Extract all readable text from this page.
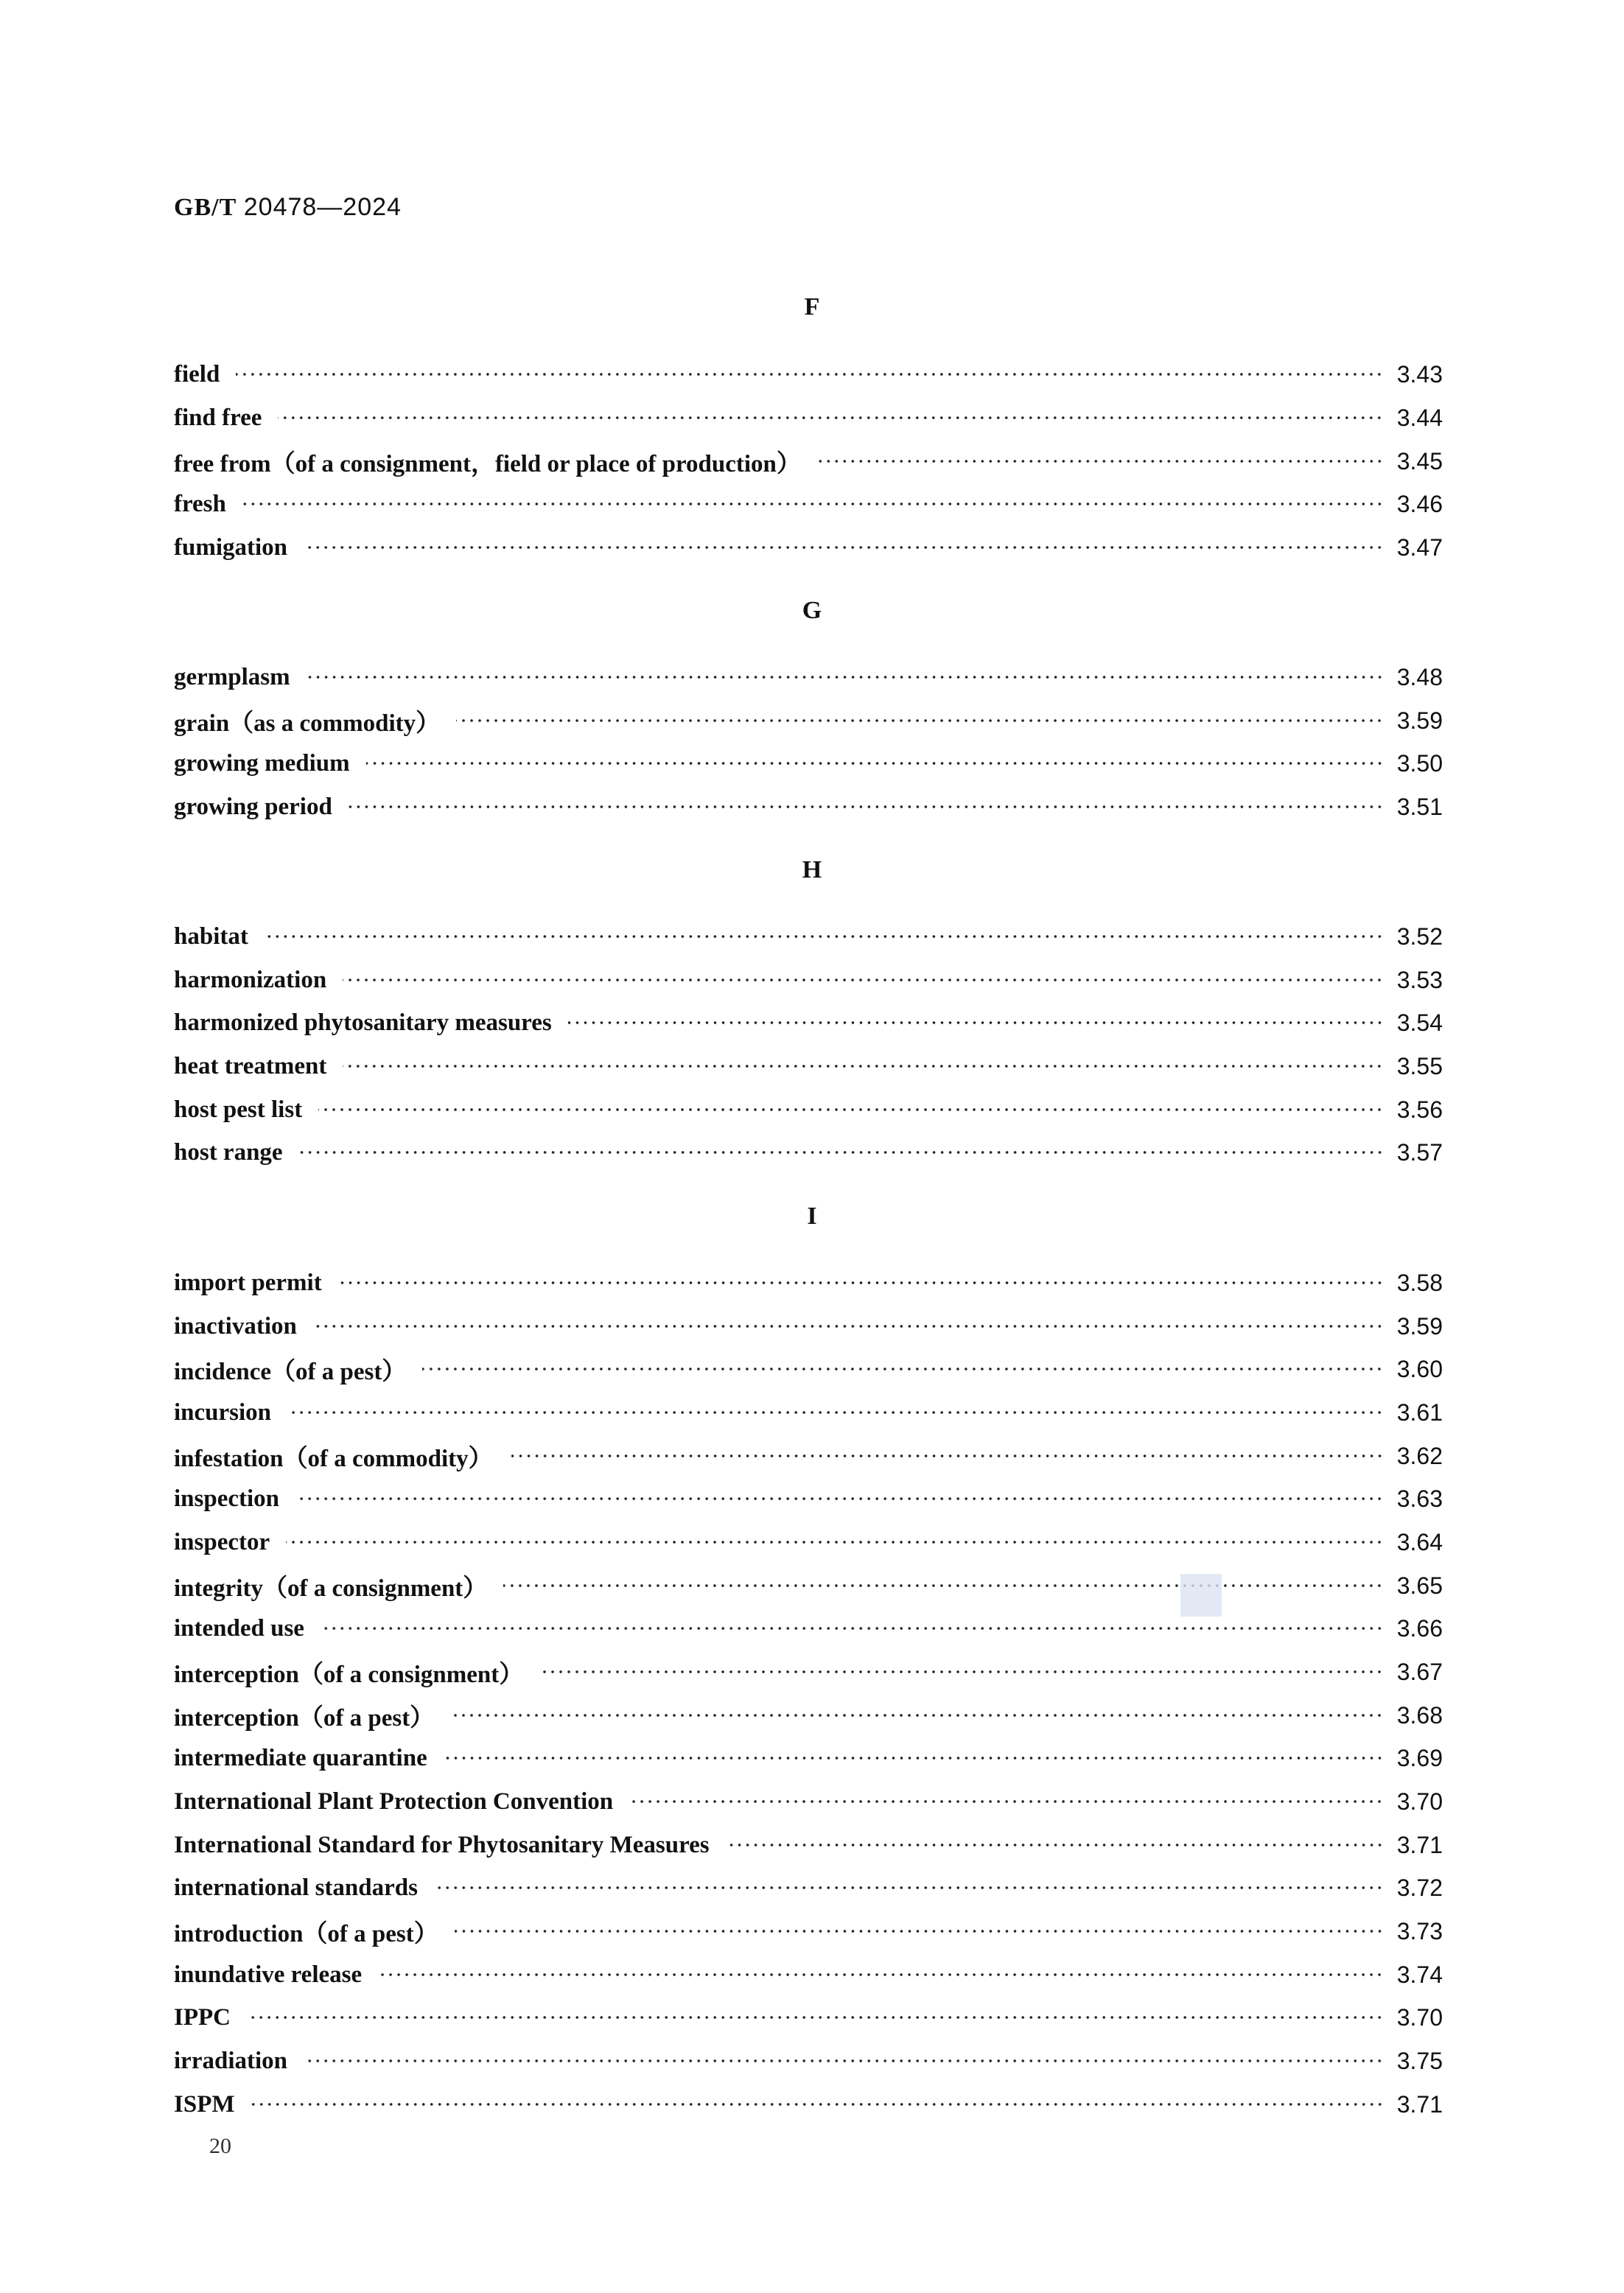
GB/T 20478—2024
F
field	3.43
find free	3.44
free from（of a consignment，field or place of production）	3.45
fresh	3.46
fumigation	3.47
G
germplasm	3.48
grain（as a commodity）	3.59
growing medium	3.50
growing period	3.51
H
habitat	3.52
harmonization	3.53
harmonized phytosanitary measures	3.54
heat treatment	3.55
host pest list	3.56
host range	3.57
I
import permit	3.58
inactivation	3.59
incidence（of a pest）	3.60
incursion	3.61
infestation（of a commodity）	3.62
inspection	3.63
inspector	3.64
integrity（of a consignment）	3.65
intended use	3.66
interception（of a consignment）	3.67
interception（of a pest）	3.68
intermediate quarantine	3.69
International Plant Protection Convention	3.70
International Standard for Phytosanitary Measures	3.71
international standards	3.72
introduction（of a pest）	3.73
inundative release	3.74
IPPC	3.70
irradiation	3.75
ISPM	3.71
20
